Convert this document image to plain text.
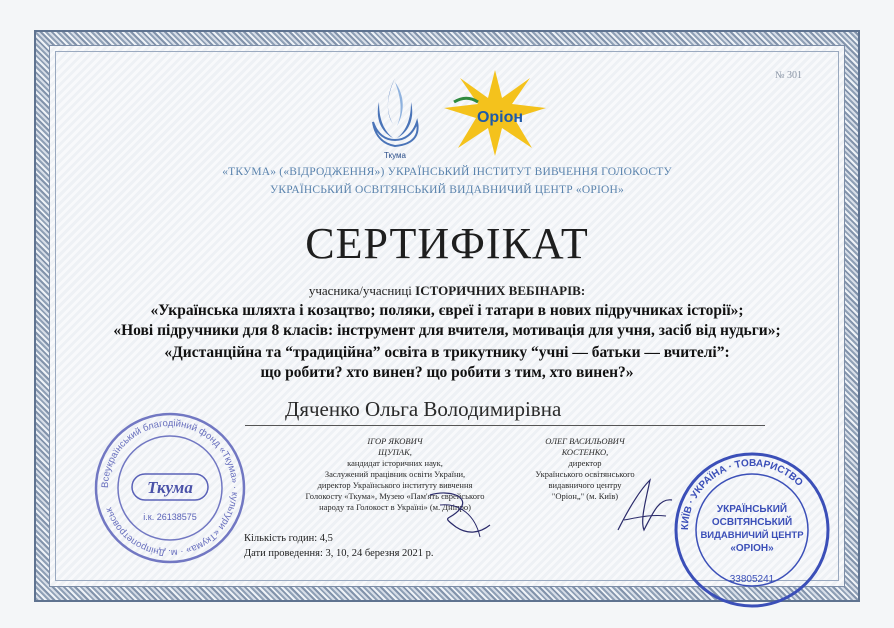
№ 301
Ткума
Оріон
«ТКУМА» («ВІДРОДЖЕННЯ») УКРАЇНСЬКИЙ ІНСТИТУТ ВИВЧЕННЯ ГОЛОКОСТУ
УКРАЇНСЬКИЙ ОСВІТЯНСЬКИЙ ВИДАВНИЧИЙ ЦЕНТР «ОРІОН»
СЕРТИФІКАТ
учасника/учасниці ІСТОРИЧНИХ ВЕБІНАРІВ:
«Українська шляхта і козацтво; поляки, євреї і татари в нових підручниках історії»;
«Нові підручники для 8 класів: інструмент для вчителя, мотивація для учня, засіб від нудьги»;
«Дистанційна та “традиційна” освіта в трикутнику “учні — батьки — вчителі”:
що робити? хто винен? що робити з тим, хто винен?»
Дяченко Ольга Володимирівна
ІГОР ЯКОВИЧ
ЩУПАК,
кандидат історичних наук,
Заслужений працівник освіти України,
директор Українського інституту вивчення
Голокосту «Ткума», Музею «Пам'ять єврейського
народу та Голокост в Україні» (м. Дніпро)
ОЛЕГ ВАСИЛЬОВИЧ
КОСТЕНКО,
директор
Українського освітянського
видавничого центру
"Оріон„" (м. Київ)
Кількість годин: 4,5
Дати проведення: 3, 10, 24 березня 2021 р.
Всеукраїнський благодійний фонд «Ткума» · культури «Ткума» · м. Дніпропетровськ
Ткума
і.к. 26138575
КИЇВ · УКРАЇНА · ТОВАРИСТВО
УКРАЇНСЬКИЙ
ОСВІТЯНСЬКИЙ
ВИДАВНИЧИЙ ЦЕНТР
«ОРІОН»
33805241
